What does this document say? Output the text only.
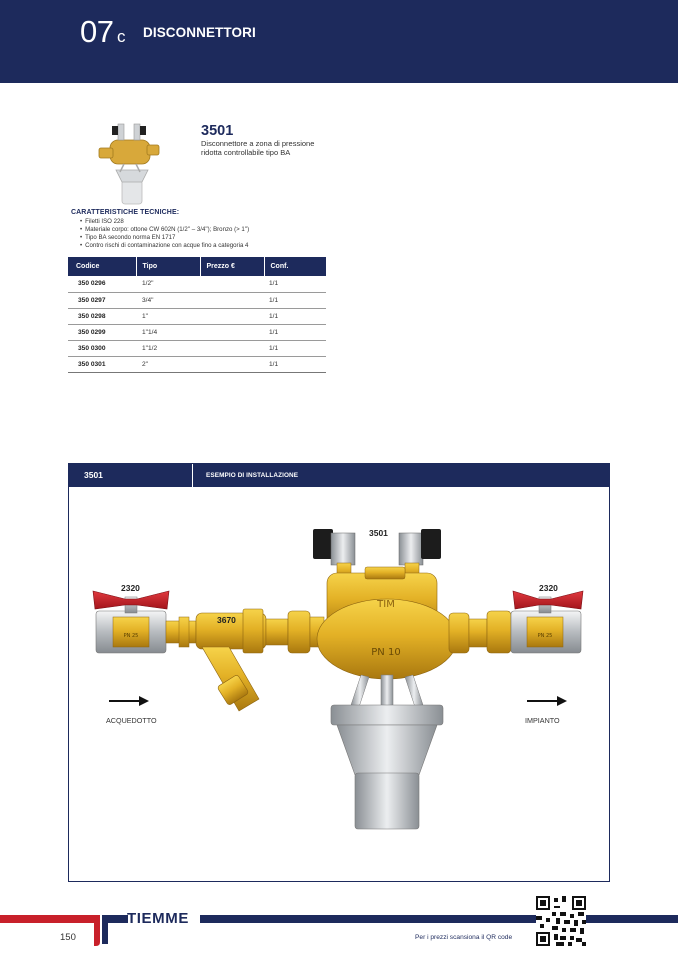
07 c DISCONNETTORI
3501
Disconnettore a zona di pressione ridotta controllabile tipo BA
CARATTERISTICHE TECNICHE:
• Filetti ISO 228
• Materiale corpo: ottone CW 602N (1/2'' – 3/4''); Bronzo (> 1'')
• Tipo BA secondo norma EN 1717
• Contro rischi di contaminazione con acque fino a categoria 4
Codice	Tipo	Prezzo €	Conf.
350 0296	1/2"		1/1
350 0297	3/4"		1/1
350 0298	1"		1/1
350 0299	1"1/4		1/1
350 0300	1"1/2		1/1
350 0301	2"		1/1
3501	ESEMPIO DI INSTALLAZIONE
PN 25
TIM
PN 10
PN 25
3501
3670
2320	2320
ACQUEDOTTO	IMPIANTO
TIEMME
150	Per i prezzi scansiona il QR code
